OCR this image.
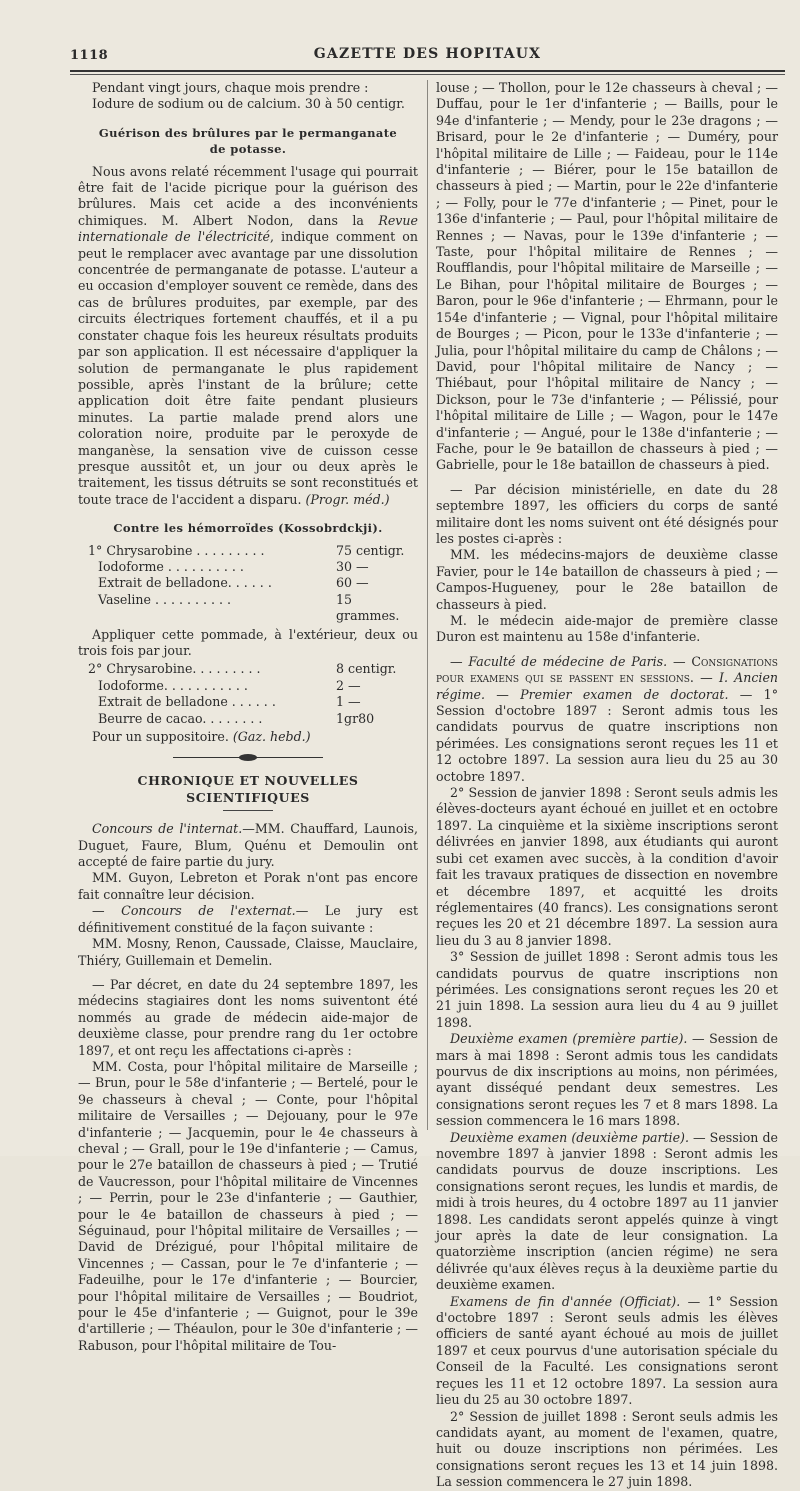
1118	GAZETTE DES HOPITAUX

Pendant vingt jours, chaque mois prendre :

Iodure de sodium ou de calcium. 30 à 50 centigr.

Guérison des brûlures par le permanganate
de potasse.

Nous avons relaté récemment l'usage qui pourrait être fait de l'acide picrique pour la guérison des brûlures. Mais cet acide a des inconvénients chimiques. M. Albert Nodon, dans la Revue internationale de l'électricité, indique comment on peut le remplacer avec avantage par une dissolution concentrée de permanganate de potasse. L'auteur a eu occasion d'employer souvent ce remède, dans des cas de brûlures produites, par exemple, par des circuits électriques fortement chauffés, et il a pu constater chaque fois les heureux résultats produits par son application. Il est nécessaire d'appliquer la solution de permanganate le plus rapidement possible, après l'instant de la brûlure; cette application doit être faite pendant plusieurs minutes. La partie malade prend alors une coloration noire, produite par le peroxyde de manganèse, la sensation vive de cuisson cesse presque aussitôt et, un jour ou deux après le traitement, les tissus détruits se sont reconstitués et toute trace de l'accident a disparu. (Progr. méd.)

Contre les hémorroïdes (Kossobrdckji).
1° Chrysarobine . . . . . . . . .	75 centigr.
Iodoforme . . . . . . . . . .	30 —
Extrait de belladone. . . . . .	60 —
Vaseline . . . . . . . . . .	15 grammes.

Appliquer cette pommade, à l'extérieur, deux ou trois fois par jour.

2° Chrysarobine. . . . . . . . .	8 centigr.
Iodoforme. . . . . . . . . . .	2 —
Extrait de belladone . . . . . .	1 —
Beurre de cacao. . . . . . . .	1gr80

Pour un suppositoire. (Gaz. hebd.)

CHRONIQUE ET NOUVELLES SCIENTIFIQUES

Concours de l'internat.—MM. Chauffard, Launois, Duguet, Faure, Blum, Quénu et Demoulin ont accepté de faire partie du jury.

MM. Guyon, Lebreton et Porak n'ont pas encore fait connaître leur décision.

— Concours de l'externat.— Le jury est définitivement constitué de la façon suivante :

MM. Mosny, Renon, Caussade, Claisse, Mauclaire, Thiéry, Guillemain et Demelin.

— Par décret, en date du 24 septembre 1897, les médecins stagiaires dont les noms suiventont été nommés au grade de médecin aide-major de deuxième classe, pour prendre rang du 1er octobre 1897, et ont reçu les affectations ci-après :

MM. Costa, pour l'hôpital militaire de Marseille ; — Brun, pour le 58e d'infanterie ; — Bertelé, pour le 9e chasseurs à cheval ; — Conte, pour l'hôpital militaire de Versailles ; — Dejouany, pour le 97e d'infanterie ; — Jacquemin, pour le 4e chasseurs à cheval ; — Grall, pour le 19e d'infanterie ; — Camus, pour le 27e bataillon de chasseurs à pied ; — Trutié de Vaucresson, pour l'hôpital militaire de Vincennes ; — Perrin, pour le 23e d'infanterie ; — Gauthier, pour le 4e bataillon de chasseurs à pied ; — Séguinaud, pour l'hôpital militaire de Versailles ; — David de Drézigué, pour l'hôpital militaire de Vincennes ; — Cassan, pour le 7e d'infanterie ; — Fadeuilhe, pour le 17e d'infanterie ; — Bourcier, pour l'hôpital militaire de Versailles ; — Boudriot, pour le 45e d'infanterie ; — Guignot, pour le 39e d'artillerie ; — Théaulon, pour le 30e d'infanterie ; — Rabuson, pour l'hôpital militaire de Tou-

louse ; — Thollon, pour le 12e chasseurs à cheval ; — Duffau, pour le 1er d'infanterie ; — Baills, pour le 94e d'infanterie ; — Mendy, pour le 23e dragons ; — Brisard, pour le 2e d'infanterie ; — Duméry, pour l'hôpital militaire de Lille ; — Faideau, pour le 114e d'infanterie ; — Biérer, pour le 15e bataillon de chasseurs à pied ; — Martin, pour le 22e d'infanterie ; — Folly, pour le 77e d'infanterie ; — Pinet, pour le 136e d'infanterie ; — Paul, pour l'hôpital militaire de Rennes ; — Navas, pour le 139e d'infanterie ; — Taste, pour l'hôpital militaire de Rennes ; — Roufflandis, pour l'hôpital militaire de Marseille ; — Le Bihan, pour l'hôpital militaire de Bourges ; — Baron, pour le 96e d'infanterie ; — Ehrmann, pour le 154e d'infanterie ; — Vignal, pour l'hôpital militaire de Bourges ; — Picon, pour le 133e d'infanterie ; — Julia, pour l'hôpital militaire du camp de Châlons ; — David, pour l'hôpital militaire de Nancy ; — Thiébaut, pour l'hôpital militaire de Nancy ; — Dickson, pour le 73e d'infanterie ; — Pélissié, pour l'hôpital militaire de Lille ; — Wagon, pour le 147e d'infanterie ; — Angué, pour le 138e d'infanterie ; — Fache, pour le 9e bataillon de chasseurs à pied ; — Gabrielle, pour le 18e bataillon de chasseurs à pied.

— Par décision ministérielle, en date du 28 septembre 1897, les officiers du corps de santé militaire dont les noms suivent ont été désignés pour les postes ci-après :

MM. les médecins-majors de deuxième classe Favier, pour le 14e bataillon de chasseurs à pied ; — Campos-Hugueney, pour le 28e bataillon de chasseurs à pied.

M. le médecin aide-major de première classe Duron est maintenu au 158e d'infanterie.

— Faculté de médecine de Paris. — Consignations pour examens qui se passent en sessions. — I. Ancien régime. — Premier examen de doctorat. — 1° Session d'octobre 1897 : Seront admis tous les candidats pourvus de quatre inscriptions non périmées. Les consignations seront reçues les 11 et 12 octobre 1897. La session aura lieu du 25 au 30 octobre 1897.

2° Session de janvier 1898 : Seront seuls admis les élèves-docteurs ayant échoué en juillet et en octobre 1897. La cinquième et la sixième inscriptions seront délivrées en janvier 1898, aux étudiants qui auront subi cet examen avec succès, à la condition d'avoir fait les travaux pratiques de dissection en novembre et décembre 1897, et acquitté les droits réglementaires (40 francs). Les consignations seront reçues les 20 et 21 décembre 1897. La session aura lieu du 3 au 8 janvier 1898.

3° Session de juillet 1898 : Seront admis tous les candidats pourvus de quatre inscriptions non périmées. Les consignations seront reçues les 20 et 21 juin 1898. La session aura lieu du 4 au 9 juillet 1898.

Deuxième examen (première partie). — Session de mars à mai 1898 : Seront admis tous les candidats pourvus de dix inscriptions au moins, non périmées, ayant disséqué pendant deux semestres. Les consignations seront reçues les 7 et 8 mars 1898. La session commencera le 16 mars 1898.

Deuxième examen (deuxième partie). — Session de novembre 1897 à janvier 1898 : Seront admis les candidats pourvus de douze inscriptions. Les consignations seront reçues, les lundis et mardis, de midi à trois heures, du 4 octobre 1897 au 11 janvier 1898. Les candidats seront appelés quinze à vingt jour après la date de leur consignation. La quatorzième inscription (ancien régime) ne sera délivrée qu'aux élèves reçus à la deuxième partie du deuxième examen.

Examens de fin d'année (Officiat). — 1° Session d'octobre 1897 : Seront seuls admis les élèves officiers de santé ayant échoué au mois de juillet 1897 et ceux pourvus d'une autorisation spéciale du Conseil de la Faculté. Les consignations seront reçues les 11 et 12 octobre 1897. La session aura lieu du 25 au 30 octobre 1897.

2° Session de juillet 1898 : Seront seuls admis les candidats ayant, au moment de l'examen, quatre, huit ou douze inscriptions non périmées. Les consignations seront reçues les 13 et 14 juin 1898. La session commencera le 27 juin 1898.
